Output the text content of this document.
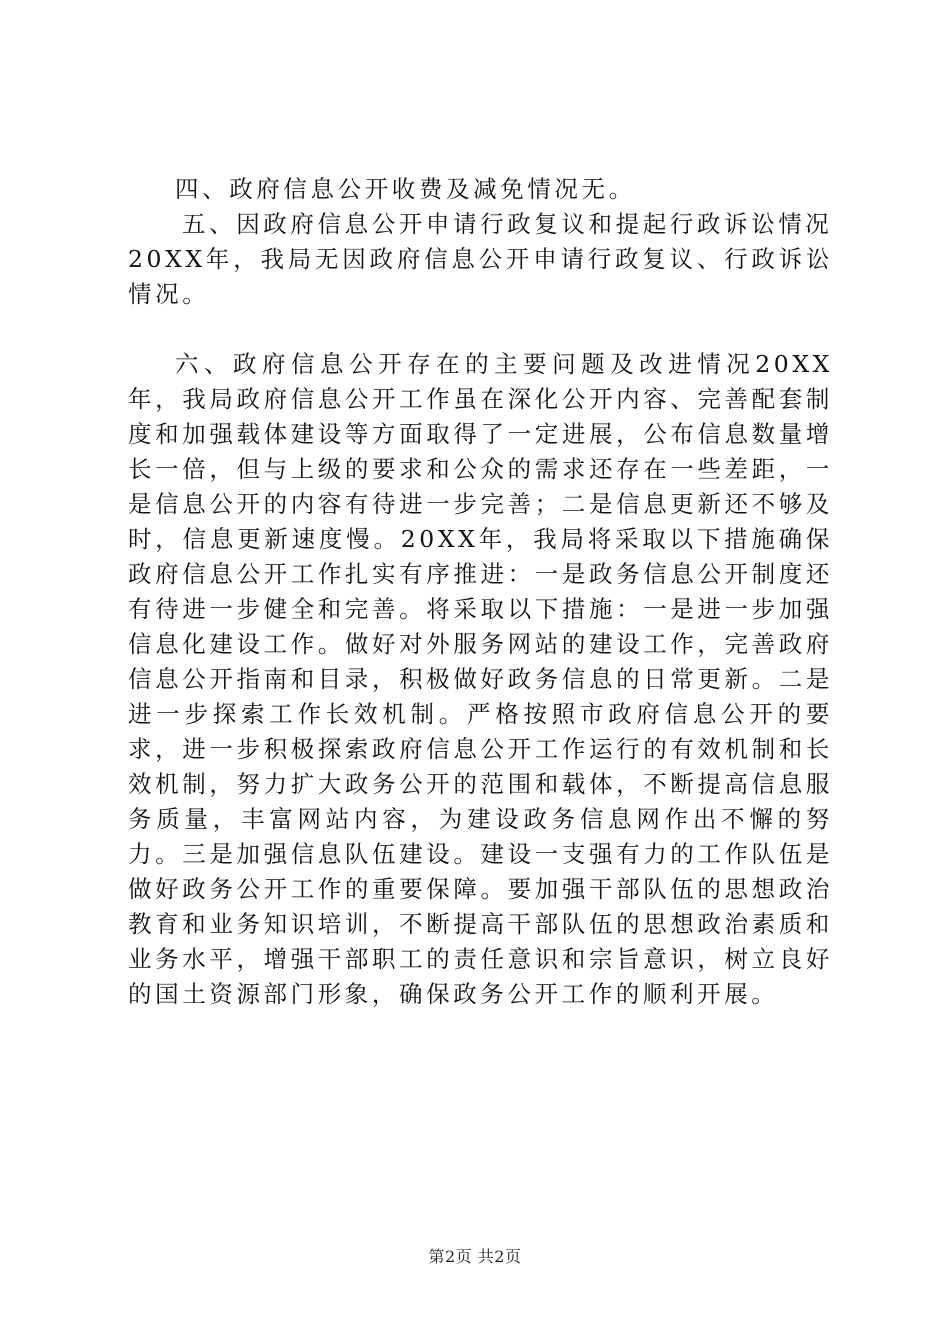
四、政府信息公开收费及减免情况无。

五、因政府信息公开申请行政复议和提起行政诉讼情况

20XX年，我局无因政府信息公开申请行政复议、行政诉讼情况。

六、政府信息公开存在的主要问题及改进情况20XX年，我局政府信息公开工作虽在深化公开内容、完善配套制度和加强载体建设等方面取得了一定进展，公布信息数量增长一倍，但与上级的要求和公众的需求还存在一些差距，一是信息公开的内容有待进一步完善；二是信息更新还不够及时，信息更新速度慢。20XX年，我局将采取以下措施确保政府信息公开工作扎实有序推进：一是政务信息公开制度还有待进一步健全和完善。将采取以下措施：一是进一步加强信息化建设工作。做好对外服务网站的建设工作，完善政府信息公开指南和目录，积极做好政务信息的日常更新。二是进一步探索工作长效机制。严格按照市政府信息公开的要求，进一步积极探索政府信息公开工作运行的有效机制和长效机制，努力扩大政务公开的范围和载体，不断提高信息服务质量，丰富网站内容，为建设政务信息网作出不懈的努力。三是加强信息队伍建设。建设一支强有力的工作队伍是做好政务公开工作的重要保障。要加强干部队伍的思想政治教育和业务知识培训，不断提高干部队伍的思想政治素质和业务水平，增强干部职工的责任意识和宗旨意识，树立良好的国土资源部门形象，确保政务公开工作的顺利开展。

第2页 共2页
